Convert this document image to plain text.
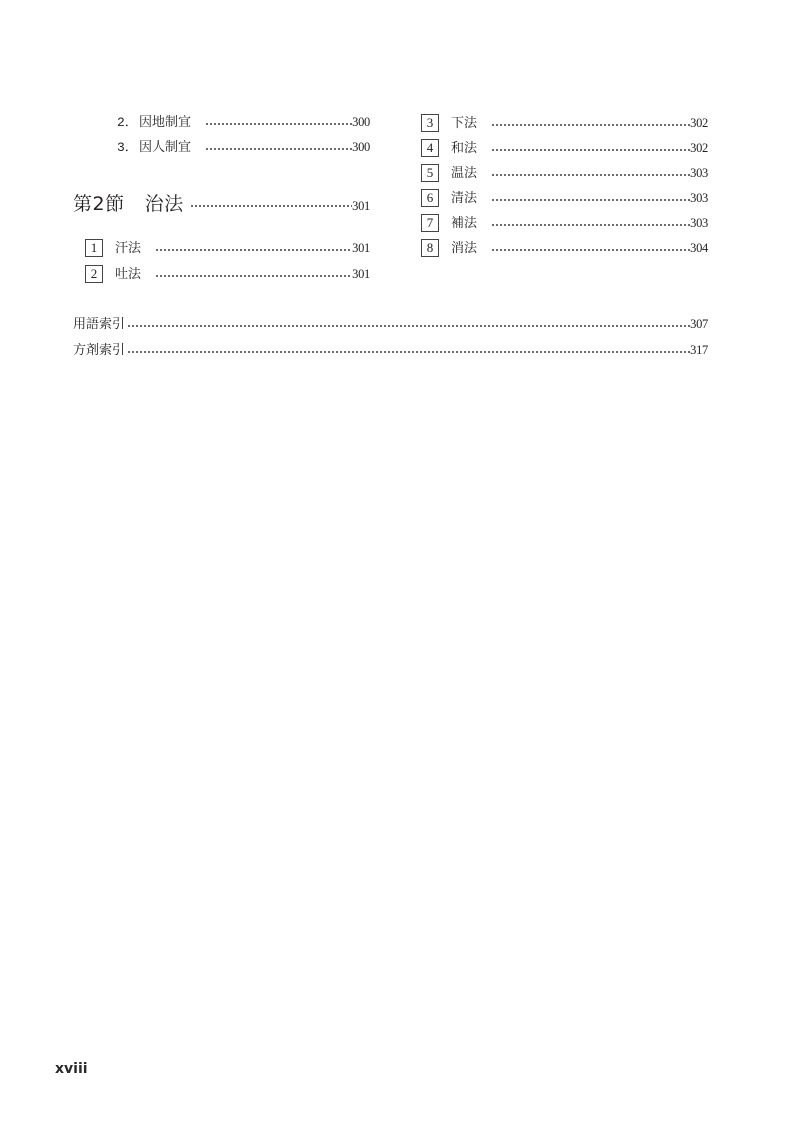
2．因地制宜	300
3．因人制宜	300
第2節 治法	301
1	汗法	301
2	吐法	301
3	下法	302
4	和法	302
5	温法	303
6	清法	303
7	補法	303
8	消法	304
用語索引	307
方剤索引	317
xviii
